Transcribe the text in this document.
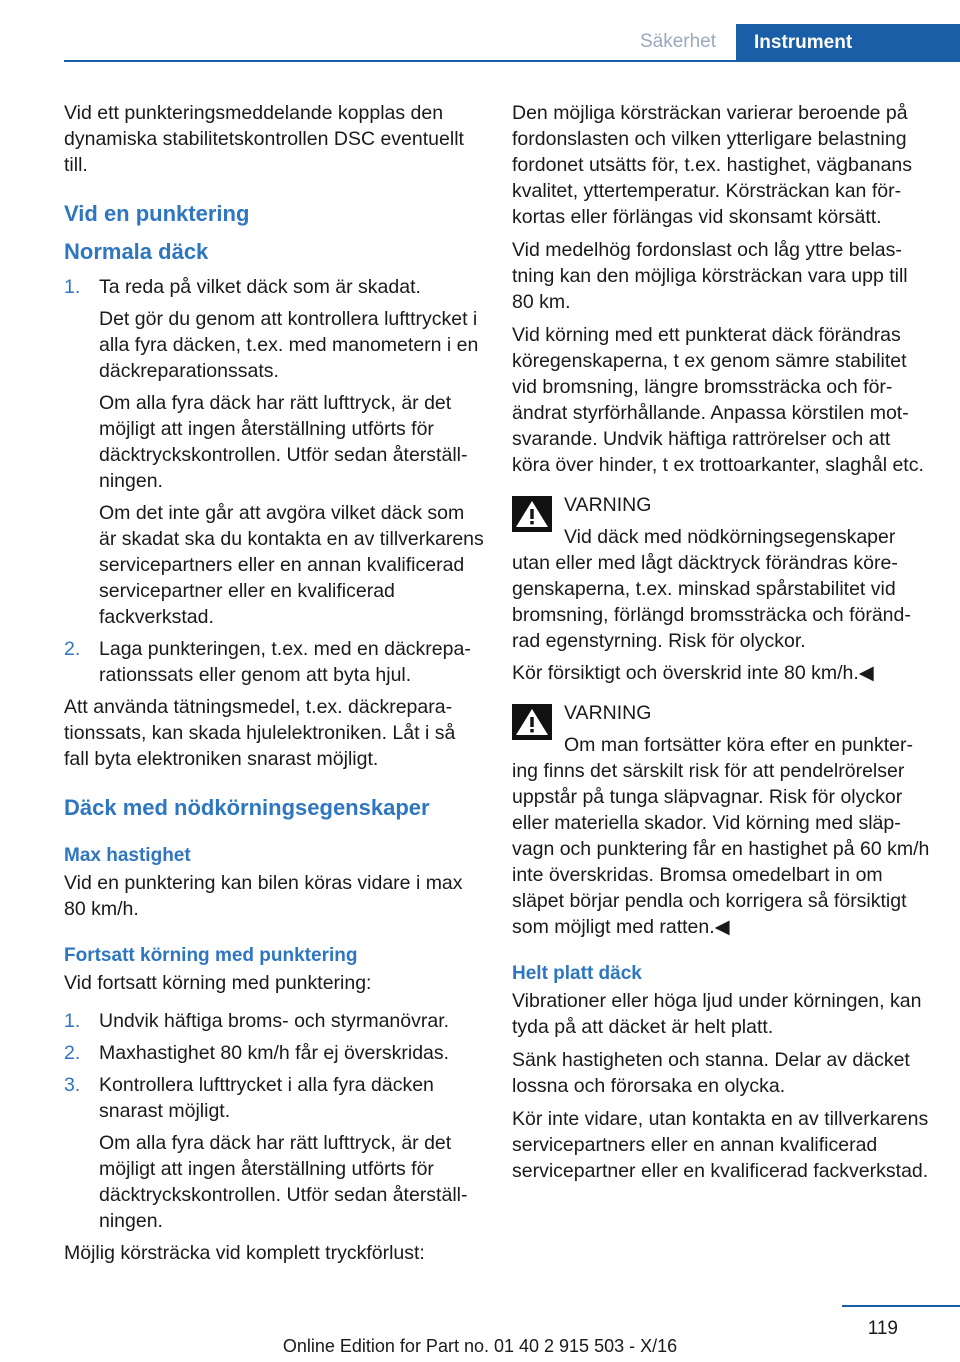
Säkerhet	Instrument

Vid ett punkteringsmeddelande kopplas den dynamiska stabilitetskontrollen DSC eventuellt till.

Vid en punktering
Normala däck
1. Ta reda på vilket däck som är skadat.
Det gör du genom att kontrollera lufttrycket i alla fyra däcken, t.ex. med manometern i en däckreparationssats.
Om alla fyra däck har rätt lufttryck, är det möjligt att ingen återställning utförts för däcktryckskontrollen. Utför sedan återställningen.
Om det inte går att avgöra vilket däck som är skadat ska du kontakta en av tillverkarens servicepartners eller en annan kvalificerad servicepartner eller en kvalificerad fackverkstad.
2. Laga punkteringen, t.ex. med en däckreparationssats eller genom att byta hjul.

Att använda tätningsmedel, t.ex. däckreparationssats, kan skada hjulelektroniken. Låt i så fall byta elektroniken snarast möjligt.

Däck med nödkörningsegenskaper
Max hastighet

Vid en punktering kan bilen köras vidare i max 80 km/h.

Fortsatt körning med punktering

Vid fortsatt körning med punktering:

1. Undvik häftiga broms- och styrmanövrar.
2. Maxhastighet 80 km/h får ej överskridas.
3. Kontrollera lufttrycket i alla fyra däcken snarast möjligt.
Om alla fyra däck har rätt lufttryck, är det möjligt att ingen återställning utförts för däcktryckskontrollen. Utför sedan återställningen.

Möjlig körsträcka vid komplett tryckförlust:

Den möjliga körsträckan varierar beroende på fordonslasten och vilken ytterligare belastning fordonet utsätts för, t.ex. hastighet, vägbanans kvalitet, yttertemperatur. Körsträckan kan förkortas eller förlängas vid skonsamt körsätt.

Vid medelhög fordonslast och låg yttre belastning kan den möjliga körsträckan vara upp till 80 km.

Vid körning med ett punkterat däck förändras köregenskaperna, t ex genom sämre stabilitet vid bromsning, längre bromssträcka och förändrat styrförhållande. Anpassa körstilen motsvarande. Undvik häftiga rattrörelser och att köra över hinder, t ex trottoarkanter, slaghål etc.

VARNING
Vid däck med nödkörningsegenskaper utan eller med lågt däcktryck förändras köregenskaperna, t.ex. minskad spårstabilitet vid bromsning, förlängd bromssträcka och förändrad egenstyrning. Risk för olyckor.

Kör försiktigt och överskrid inte 80 km/h.◀

VARNING
Om man fortsätter köra efter en punktering finns det särskilt risk för att pendelrörelser uppstår på tunga släpvagnar. Risk för olyckor eller materiella skador. Vid körning med släpvagn och punktering får en hastighet på 60 km/h inte överskridas. Bromsa omedelbart in om släpet börjar pendla och korrigera så försiktigt som möjligt med ratten.◀
Helt platt däck

Vibrationer eller höga ljud under körningen, kan tyda på att däcket är helt platt.

Sänk hastigheten och stanna. Delar av däcket lossna och förorsaka en olycka.

Kör inte vidare, utan kontakta en av tillverkarens servicepartners eller en annan kvalificerad servicepartner eller en kvalificerad fackverkstad.

119
Online Edition for Part no. 01 40 2 915 503 - X/16
